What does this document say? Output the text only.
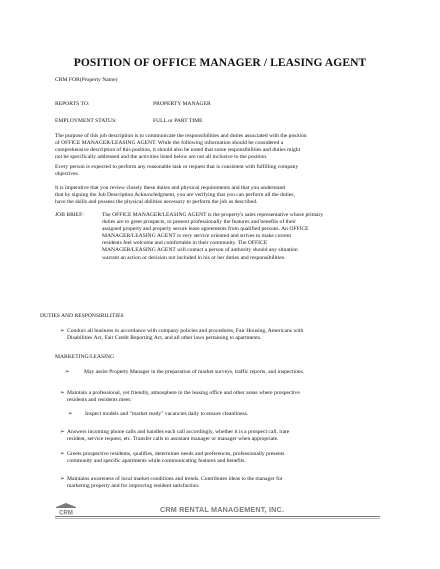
POSITION OF OFFICE MANAGER / LEASING AGENT
CRM FOR(Property Name)
REPORTS TO:	PROPERTY MANAGER
EMPLOYMENT STATUS:	FULL or PART TIME
The purpose of this job description is to communicate the responsibilities and duties associated with the position
of OFFICE MANAGER/LEASING AGENT. While the following information should be considered a
comprehensive description of this position, it should also be noted that some responsibilities and duties might
not be specifically addressed and the activities listed below are not all inclusive to the position.
Every person is expected to perform any reasonable task or request that is consistent with fulfilling company
objectives.
It is imperative that you review closely these duties and physical requirements and that you understand
that by signing the Job Description Acknowledgment, you are verifying that you can perform all the duties,
have the skills and possess the physical abilities necessary to perform the job as described.
JOB BRIEF:	The OFFICE MANAGER/LEASING AGENT is the property's sales representative whose primary
duties are to greet prospects, to present professionally the features and benefits of their
assigned property and properly secure lease agreements from qualified persons. An OFFICE
MANAGER/LEASING AGENT is very service oriented and strives to make current
residents feel welcome and comfortable in their community. The OFFICE
MANAGER/LEASING AGENT will contact a person of authority should any situation
warrant an action or decision not included in his or her duties and responsibilities.
DUTIES AND RESPONSIBILITIES
➢ Conduct all business in accordance with company policies and procedures, Fair Housing, Americans with
Disabilities Act, Fair Credit Reporting Act, and all other laws pertaining to apartments.
MARKETING/LEASING
➢	May assist Property Manager in the preparation of market surveys, traffic reports, and inspections.
➢ Maintain a professional, yet friendly, atmosphere in the leasing office and other areas where prospective
residents and residents meet.
➢ Inspect models and "market ready" vacancies daily to ensure cleanliness.
➢ Answers incoming phone calls and handles each call accordingly, whether it is a prospect call, irate
resident, service request, etc. Transfer calls to assistant manager or manager when appropriate.
➢ Greets prospective residents, qualifies, determines needs and preferences, professionally presents
community and specific apartments while communicating features and benefits.
➢ Maintains awareness of local market conditions and trends. Contributes ideas to the manager for
marketing property and for improving resident satisfaction.
CRM	CRM RENTAL MANAGEMENT, INC.
